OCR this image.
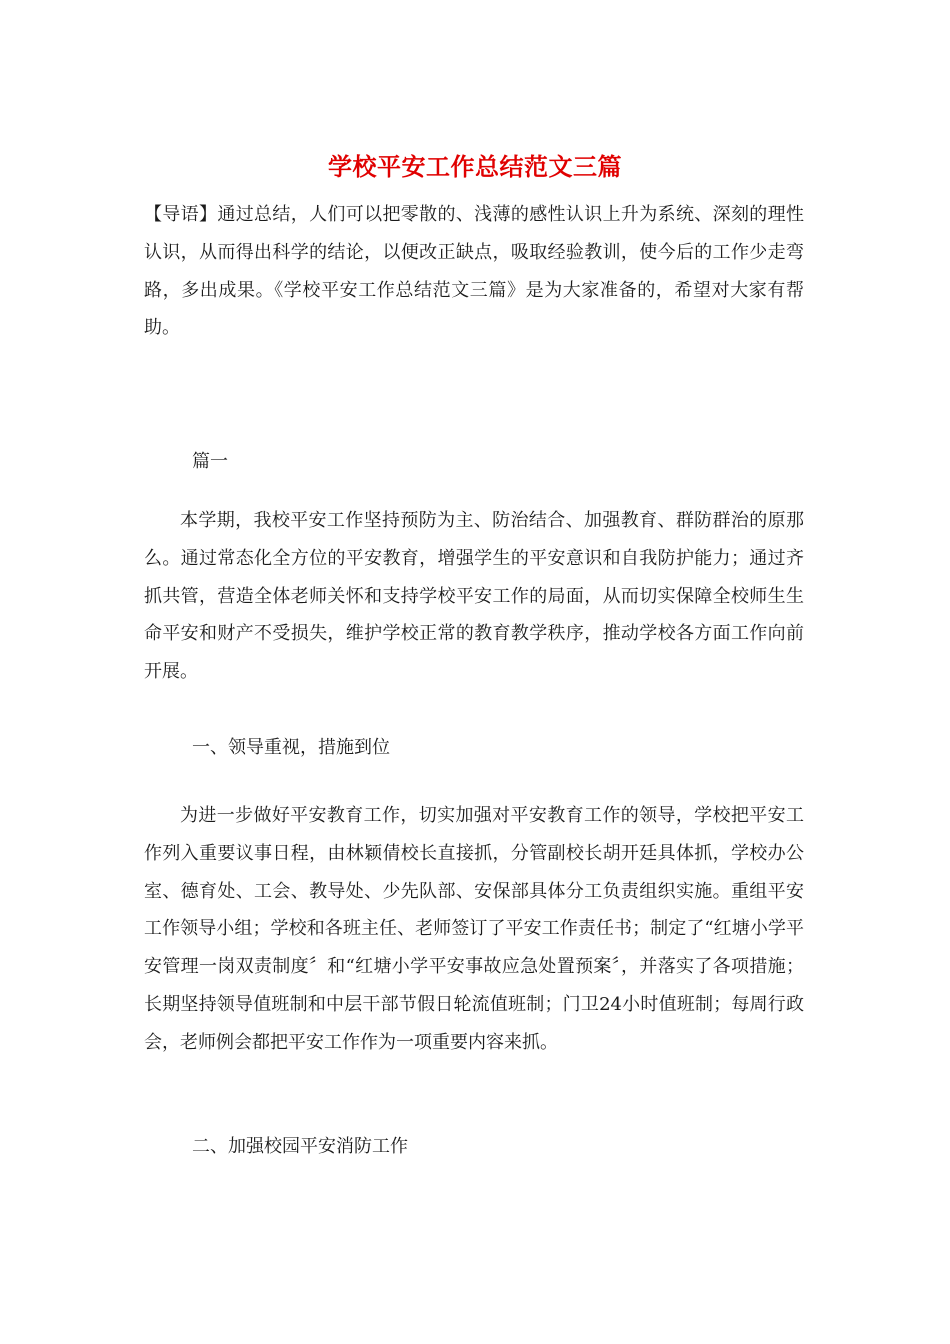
学校平安工作总结范文三篇
【导语】通过总结，人们可以把零散的、浅薄的感性认识上升为系统、深刻的理性认识，从而得出科学的结论，以便改正缺点，吸取经验教训，使今后的工作少走弯路，多出成果。《学校平安工作总结范文三篇》是为大家准备的，希望对大家有帮助。
篇一
本学期，我校平安工作坚持预防为主、防治结合、加强教育、群防群治的原那么。通过常态化全方位的平安教育，增强学生的平安意识和自我防护能力；通过齐抓共管，营造全体老师关怀和支持学校平安工作的局面，从而切实保障全校师生生命平安和财产不受损失，维护学校正常的教育教学秩序，推动学校各方面工作向前开展。
一、领导重视，措施到位
为进一步做好平安教育工作，切实加强对平安教育工作的领导，学校把平安工作列入重要议事日程，由林颖倩校长直接抓，分管副校长胡开廷具体抓，学校办公室、德育处、工会、教导处、少先队部、安保部具体分工负责组织实施。重组平安工作领导小组；学校和各班主任、老师签订了平安工作责任书；制定了“红塘小学平安管理一岗双责制度〞和“红塘小学平安事故应急处置预案〞，并落实了各项措施；长期坚持领导值班制和中层干部节假日轮流值班制；门卫24小时值班制；每周行政会，老师例会都把平安工作作为一项重要内容来抓。
二、加强校园平安消防工作
